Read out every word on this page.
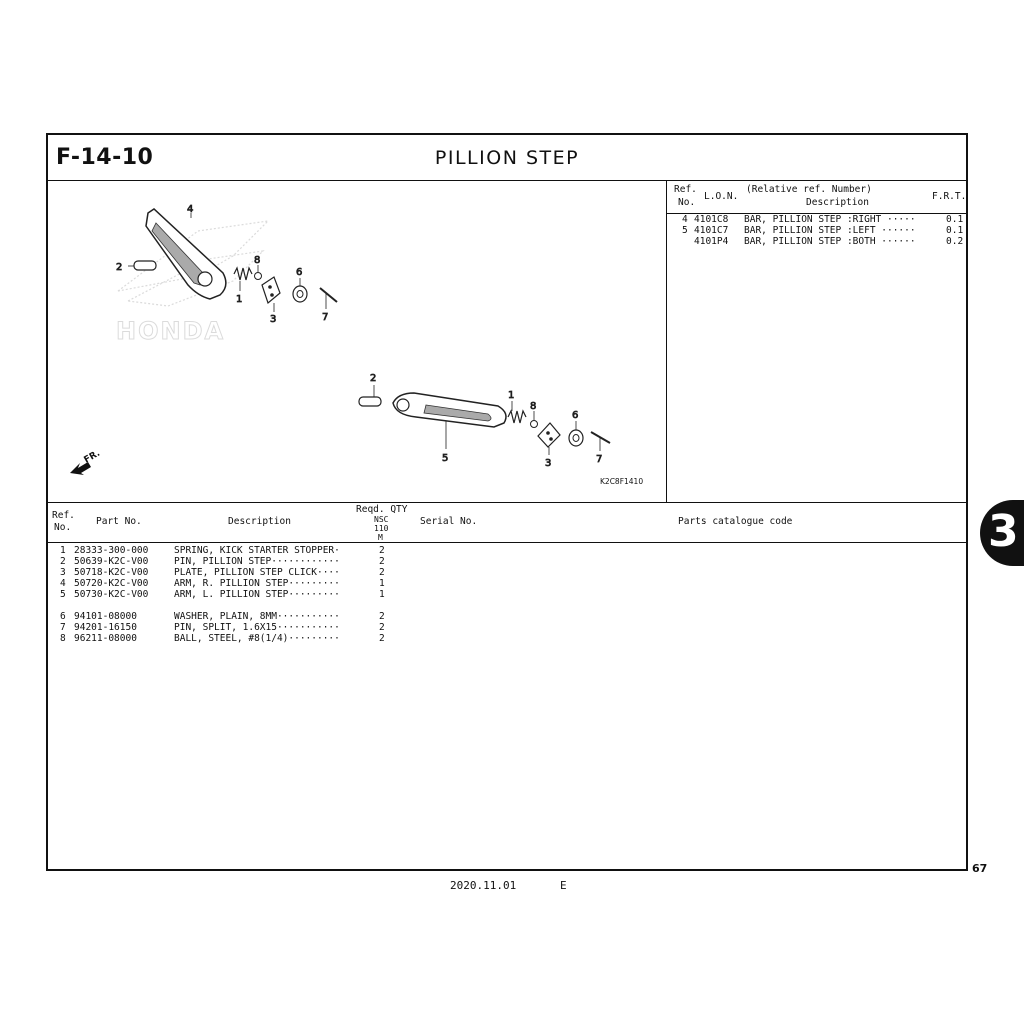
F-14-10	PILLION STEP
HONDA
4
2
8
6
1
3	7
2
1
8
6
5	3	7
FR.
K2C8F1410
Ref.
No.
L.O.N.
(Relative ref. Number)
Description
F.R.T.
4 4101C8 BAR, PILLION STEP :RIGHT ·····	0.1
5 4101C7 BAR, PILLION STEP :LEFT ······	0.1
4101P4 BAR, PILLION STEP :BOTH ······	0.2
Ref.
No.
Part No.	Description
Reqd. QTY
NSC
110
M
Serial No.	Parts catalogue code
1 28333-300-000	SPRING, KICK STARTER STOPPER·	2
2 50639-K2C-V00	PIN, PILLION STEP············	2
3 50718-K2C-V00	PLATE, PILLION STEP CLICK····	2
4 50720-K2C-V00	ARM, R. PILLION STEP·········	1
5 50730-K2C-V00	ARM, L. PILLION STEP·········	1
6 94101-08000	WASHER, PLAIN, 8MM···········	2
7 94201-16150	PIN, SPLIT, 1.6X15···········	2
8 96211-08000	BALL, STEEL, #8(1/4)·········	2
3
67
2020.11.01	E
